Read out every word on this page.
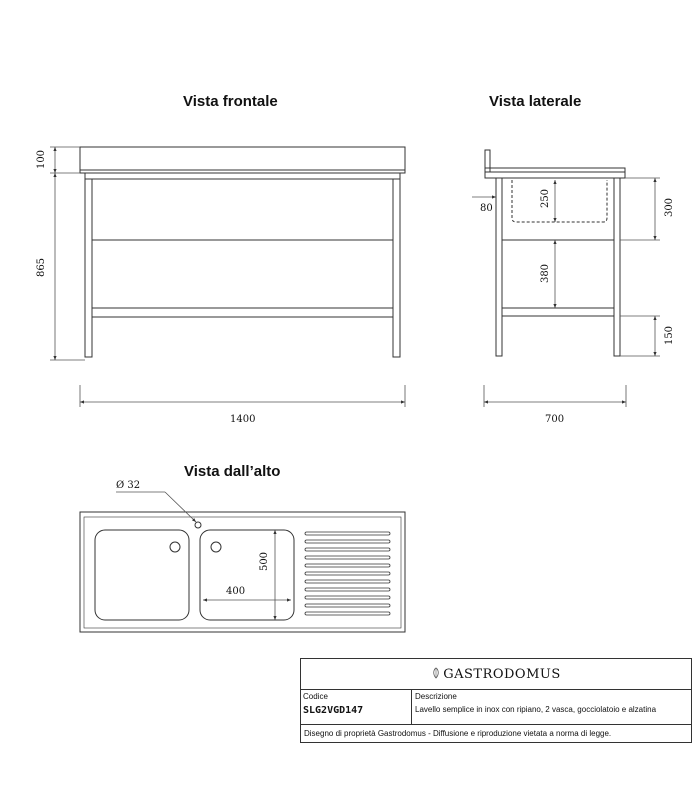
Vista frontale	Vista laterale
Vista dall’alto
100
865
1400
80
250
380
300
150
700
Ø 32
500
400
GASTRODOMUS
Codice
SLG2VGD147
Descrizione
Lavello semplice in inox con ripiano, 2 vasca, gocciolatoio e alzatina
Disegno di proprietà Gastrodomus - Diffusione e riproduzione vietata a norma di legge.
